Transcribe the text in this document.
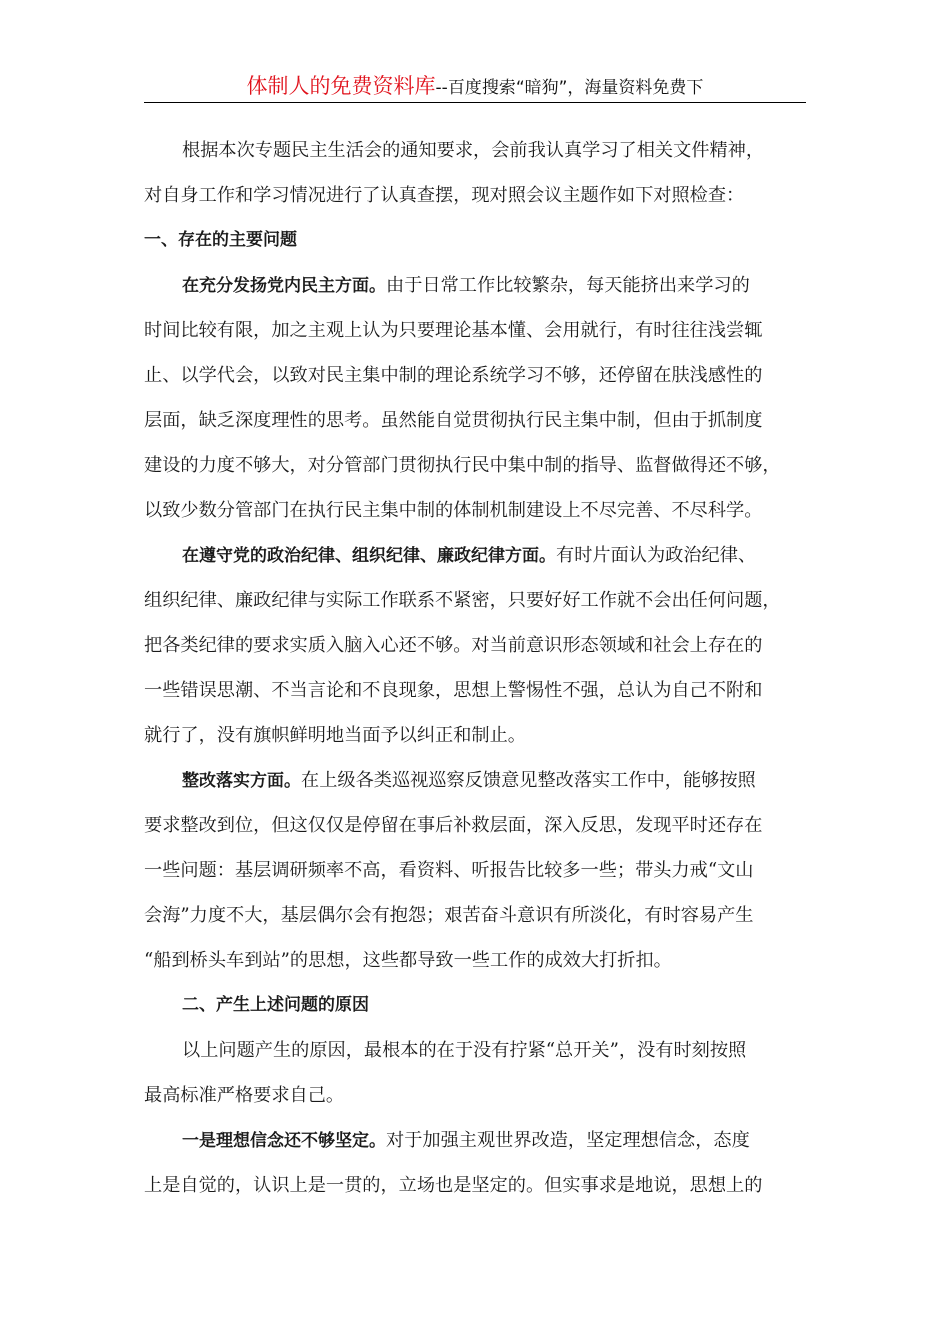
体制人的免费资料库--百度搜索“暗狗”，海量资料免费下
根据本次专题民主生活会的通知要求，会前我认真学习了相关文件精神，
对自身工作和学习情况进行了认真查摆，现对照会议主题作如下对照检查：
一、存在的主要问题
在充分发扬党内民主方面。由于日常工作比较繁杂，每天能挤出来学习的
时间比较有限，加之主观上认为只要理论基本懂、会用就行，有时往往浅尝辄
止、以学代会，以致对民主集中制的理论系统学习不够，还停留在肤浅感性的
层面，缺乏深度理性的思考。虽然能自觉贯彻执行民主集中制，但由于抓制度
建设的力度不够大，对分管部门贯彻执行民中集中制的指导、监督做得还不够，
以致少数分管部门在执行民主集中制的体制机制建设上不尽完善、不尽科学。
在遵守党的政治纪律、组织纪律、廉政纪律方面。有时片面认为政治纪律、
组织纪律、廉政纪律与实际工作联系不紧密，只要好好工作就不会出任何问题，
把各类纪律的要求实质入脑入心还不够。对当前意识形态领域和社会上存在的
一些错误思潮、不当言论和不良现象，思想上警惕性不强，总认为自己不附和
就行了，没有旗帜鲜明地当面予以纠正和制止。
整改落实方面。在上级各类巡视巡察反馈意见整改落实工作中，能够按照
要求整改到位，但这仅仅是停留在事后补救层面，深入反思，发现平时还存在
一些问题：基层调研频率不高，看资料、听报告比较多一些；带头力戒“文山
会海”力度不大，基层偶尔会有抱怨；艰苦奋斗意识有所淡化，有时容易产生
“船到桥头车到站”的思想，这些都导致一些工作的成效大打折扣。
二、产生上述问题的原因
以上问题产生的原因，最根本的在于没有拧紧“总开关”，没有时刻按照
最高标准严格要求自己。
一是理想信念还不够坚定。对于加强主观世界改造，坚定理想信念，态度
上是自觉的，认识上是一贯的，立场也是坚定的。但实事求是地说，思想上的
